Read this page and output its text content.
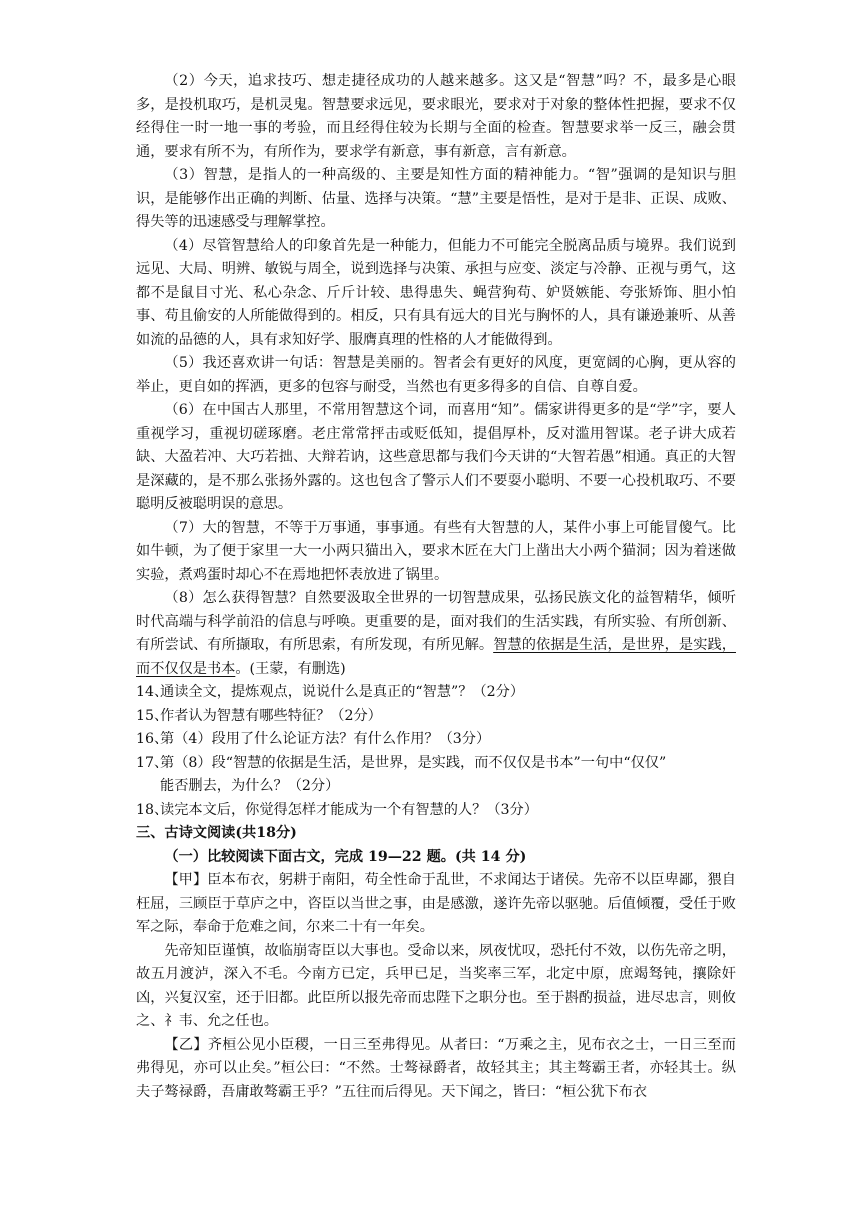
（2）今天，追求技巧、想走捷径成功的人越来越多。这又是“智慧”吗？不，最多是心眼多，是投机取巧，是机灵鬼。智慧要求远见，要求眼光，要求对于对象的整体性把握，要求不仅经得住一时一地一事的考验，而且经得住较为长期与全面的检查。智慧要求举一反三，融会贯通，要求有所不为，有所作为，要求学有新意，事有新意，言有新意。

（3）智慧，是指人的一种高级的、主要是知性方面的精神能力。“智”强调的是知识与胆识，是能够作出正确的判断、估量、选择与决策。“慧”主要是悟性，是对于是非、正误、成败、得失等的迅速感受与理解掌控。

（4）尽管智慧给人的印象首先是一种能力，但能力不可能完全脱离品质与境界。我们说到远见、大局、明辨、敏锐与周全，说到选择与决策、承担与应变、淡定与冷静、正视与勇气，这都不是鼠目寸光、私心杂念、斤斤计较、患得患失、蝇营狗苟、妒贤嫉能、夸张矫饰、胆小怕事、苟且偷安的人所能做得到的。相反，只有具有远大的目光与胸怀的人，具有谦逊兼听、从善如流的品德的人，具有求知好学、服膺真理的性格的人才能做得到。

（5）我还喜欢讲一句话：智慧是美丽的。智者会有更好的风度，更宽阔的心胸，更从容的举止，更自如的挥洒，更多的包容与耐受，当然也有更多得多的自信、自尊自爱。

（6）在中国古人那里，不常用智慧这个词，而喜用“知”。儒家讲得更多的是“学”字，要人重视学习，重视切磋琢磨。老庄常常抨击或贬低知，提倡厚朴，反对滥用智谋。老子讲大成若缺、大盈若冲、大巧若拙、大辩若讷，这些意思都与我们今天讲的“大智若愚”相通。真正的大智是深藏的，是不那么张扬外露的。这也包含了警示人们不要耍小聪明、不要一心投机取巧、不要聪明反被聪明误的意思。

（7）大的智慧，不等于万事通，事事通。有些有大智慧的人，某件小事上可能冒傻气。比如牛顿，为了便于家里一大一小两只猫出入，要求木匠在大门上凿出大小两个猫洞；因为着迷做实验，煮鸡蛋时却心不在焉地把怀表放进了锅里。

（8）怎么获得智慧？自然要汲取全世界的一切智慧成果，弘扬民族文化的益智精华，倾听时代高端与科学前沿的信息与呼唤。更重要的是，面对我们的生活实践，有所实验、有所创新、有所尝试、有所撷取，有所思索，有所发现，有所见解。智慧的依据是生活，是世界，是实践，而不仅仅是书本。(王蒙，有删选)

14、通读全文，提炼观点，说说什么是真正的“智慧”？（2分）

15、作者认为智慧有哪些特征？（2分）

16、第（4）段用了什么论证方法？有什么作用？（3分）

17、第（8）段“智慧的依据是生活，是世界，是实践，而不仅仅是书本”一句中“仅仅”

能否删去，为什么？（2分）

18、读完本文后，你觉得怎样才能成为一个有智慧的人？（3分）

三、古诗文阅读(共18分)

（一）比较阅读下面古文，完成 19—22 题。(共 14 分)

【甲】臣本布衣，躬耕于南阳，苟全性命于乱世，不求闻达于诸侯。先帝不以臣卑鄙，猥自枉屈，三顾臣于草庐之中，咨臣以当世之事，由是感激，遂许先帝以驱驰。后值倾覆，受任于败军之际，奉命于危难之间，尔来二十有一年矣。

先帝知臣谨慎，故临崩寄臣以大事也。受命以来，夙夜忧叹，恐托付不效，以伤先帝之明，故五月渡泸，深入不毛。今南方已定，兵甲已足，当奖率三军，北定中原，庶竭驽钝，攘除奸凶，兴复汉室，还于旧都。此臣所以报先帝而忠陛下之职分也。至于斟酌损益，进尽忠言，则攸之、礻韦、允之任也。

【乙】齐桓公见小臣稷，一日三至弗得见。从者曰：“万乘之主，见布衣之士，一日三至而弗得见，亦可以止矣。”桓公曰：“不然。士骜禄爵者，故轻其主；其主骜霸王者，亦轻其士。纵夫子骜禄爵，吾庸敢骜霸王乎？”五往而后得见。天下闻之，皆曰：“桓公犹下布衣
